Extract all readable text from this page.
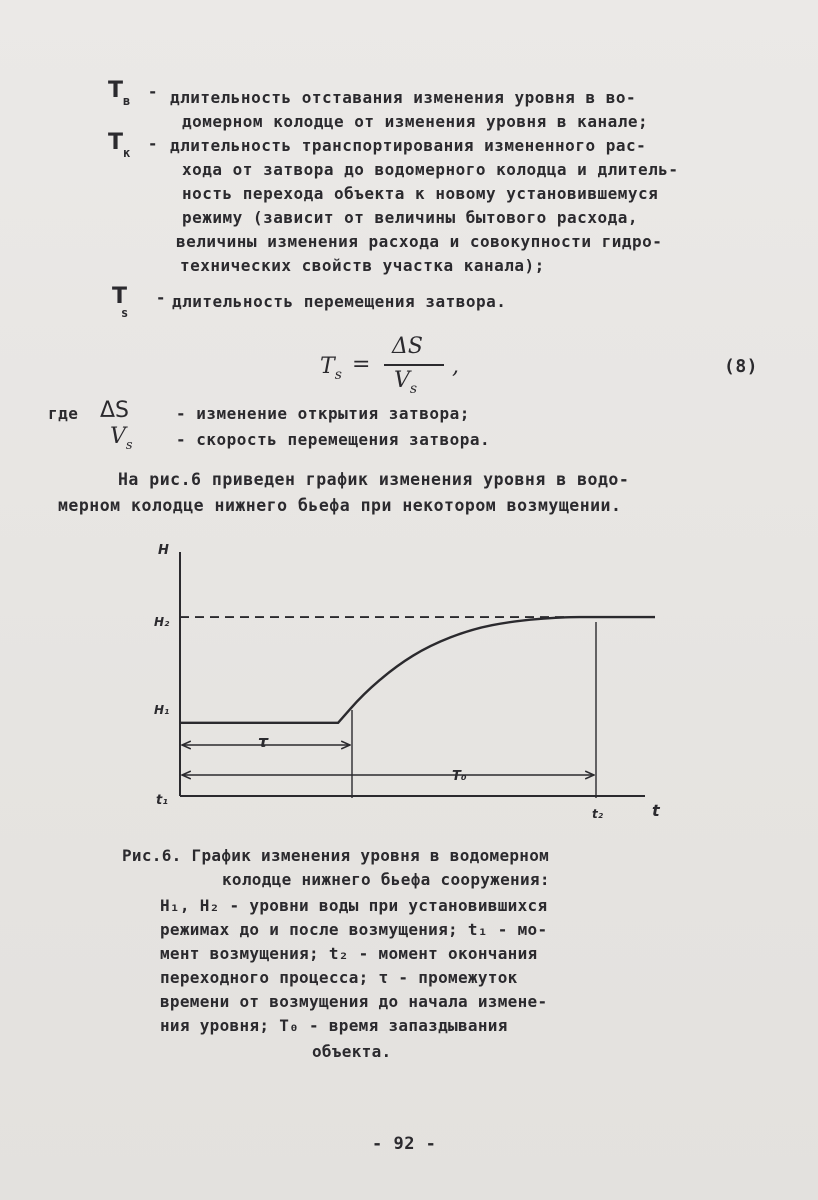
$T_в$ - длительность отставания изменения уровня в во-
домерном колодце от изменения уровня в канале;
$T_к$ - длительность транспортирования измененного рас-
хода от затвора до водомерного колодца и длитель-
ность перехода объекта к новому установившемуся
режиму (зависит от величины бытового расхода,
величины изменения расхода и совокупности гидро-
технических свойств участка канала);
$T_s$ - длительность перемещения затвора.
$T_s$ =
ΔS
$V_s$
,	(8)
где ΔS	- изменение открытия затвора;
$V_s$	- скорость перемещения затвора.
На рис.6 приведен график изменения уровня в водо-
мерном колодце нижнего бьефа при некотором возмущении.
H
t
τ
T₀
H₂
H₁
t₁
t₂
Рис.6. График изменения уровня в водомерном
колодце нижнего бьефа сооружения:
H₁, H₂ - уровни воды при установившихся
режимах до и после возмущения; t₁ - мо-
мент возмущения; t₂ - момент окончания
переходного процесса; τ - промежуток
времени от возмущения до начала измене-
ния уровня; T₀ - время запаздывания
объекта.
- 92 -
